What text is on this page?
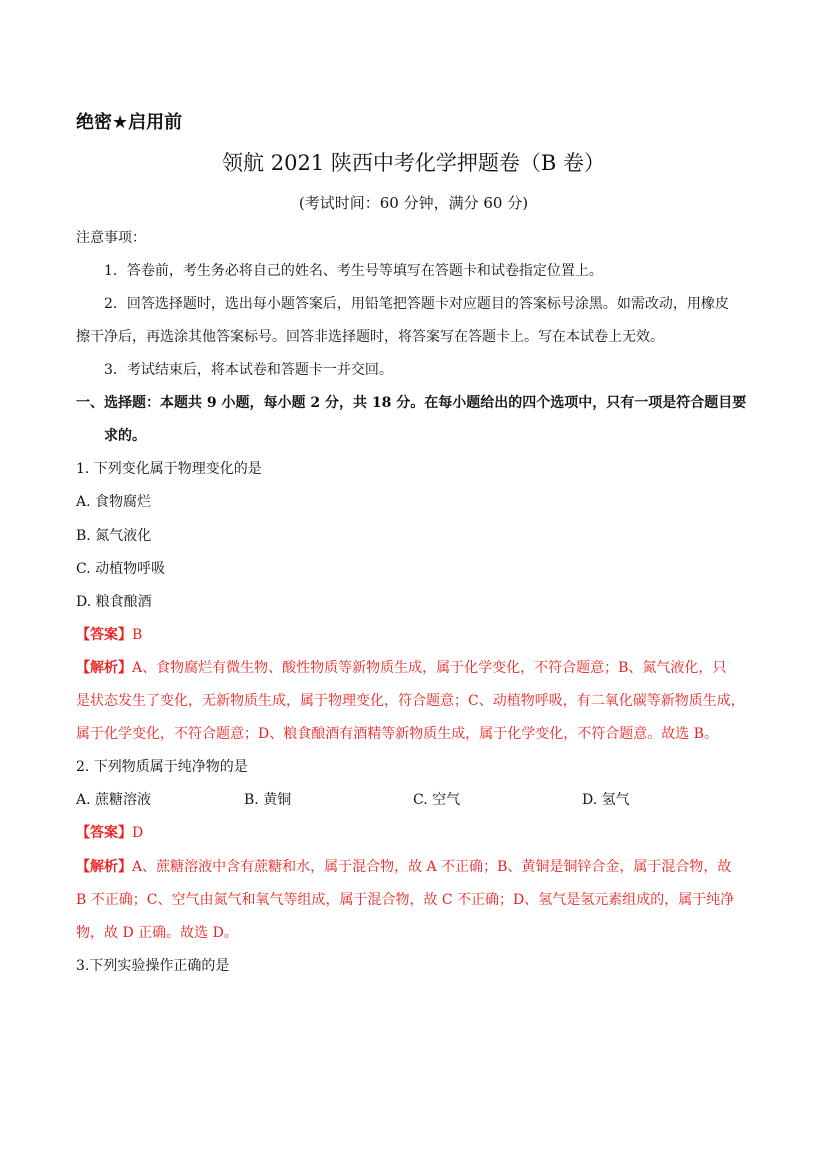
绝密★启用前
领航 2021 陕西中考化学押题卷（B 卷）
(考试时间：60 分钟，满分 60 分)
注意事项：
1．答卷前，考生务必将自己的姓名、考生号等填写在答题卡和试卷指定位置上。
2．回答选择题时，选出每小题答案后，用铅笔把答题卡对应题目的答案标号涂黑。如需改动，用橡皮
擦干净后，再选涂其他答案标号。回答非选择题时，将答案写在答题卡上。写在本试卷上无效。
3．考试结束后，将本试卷和答题卡一并交回。
一、选择题：本题共 9 小题，每小题 2 分，共 18 分。在每小题给出的四个选项中，只有一项是符合题目要
求的。
1. 下列变化属于物理变化的是
A. 食物腐烂
B. 氮气液化
C. 动植物呼吸
D. 粮食酿酒
【答案】B
【解析】A、食物腐烂有微生物、酸性物质等新物质生成，属于化学变化，不符合题意；B、氮气液化，只
是状态发生了变化，无新物质生成，属于物理变化，符合题意；C、动植物呼吸，有二氧化碳等新物质生成，
属于化学变化，不符合题意；D、粮食酿酒有酒精等新物质生成，属于化学变化，不符合题意。故选 B。
2. 下列物质属于纯净物的是
A. 蔗糖溶液	B. 黄铜	C. 空气	D. 氢气
【答案】D
【解析】A、蔗糖溶液中含有蔗糖和水，属于混合物，故 A 不正确；B、黄铜是铜锌合金，属于混合物，故
B 不正确；C、空气由氮气和氧气等组成，属于混合物，故 C 不正确；D、氢气是氢元素组成的，属于纯净
物，故 D 正确。故选 D。
3.下列实验操作正确的是
